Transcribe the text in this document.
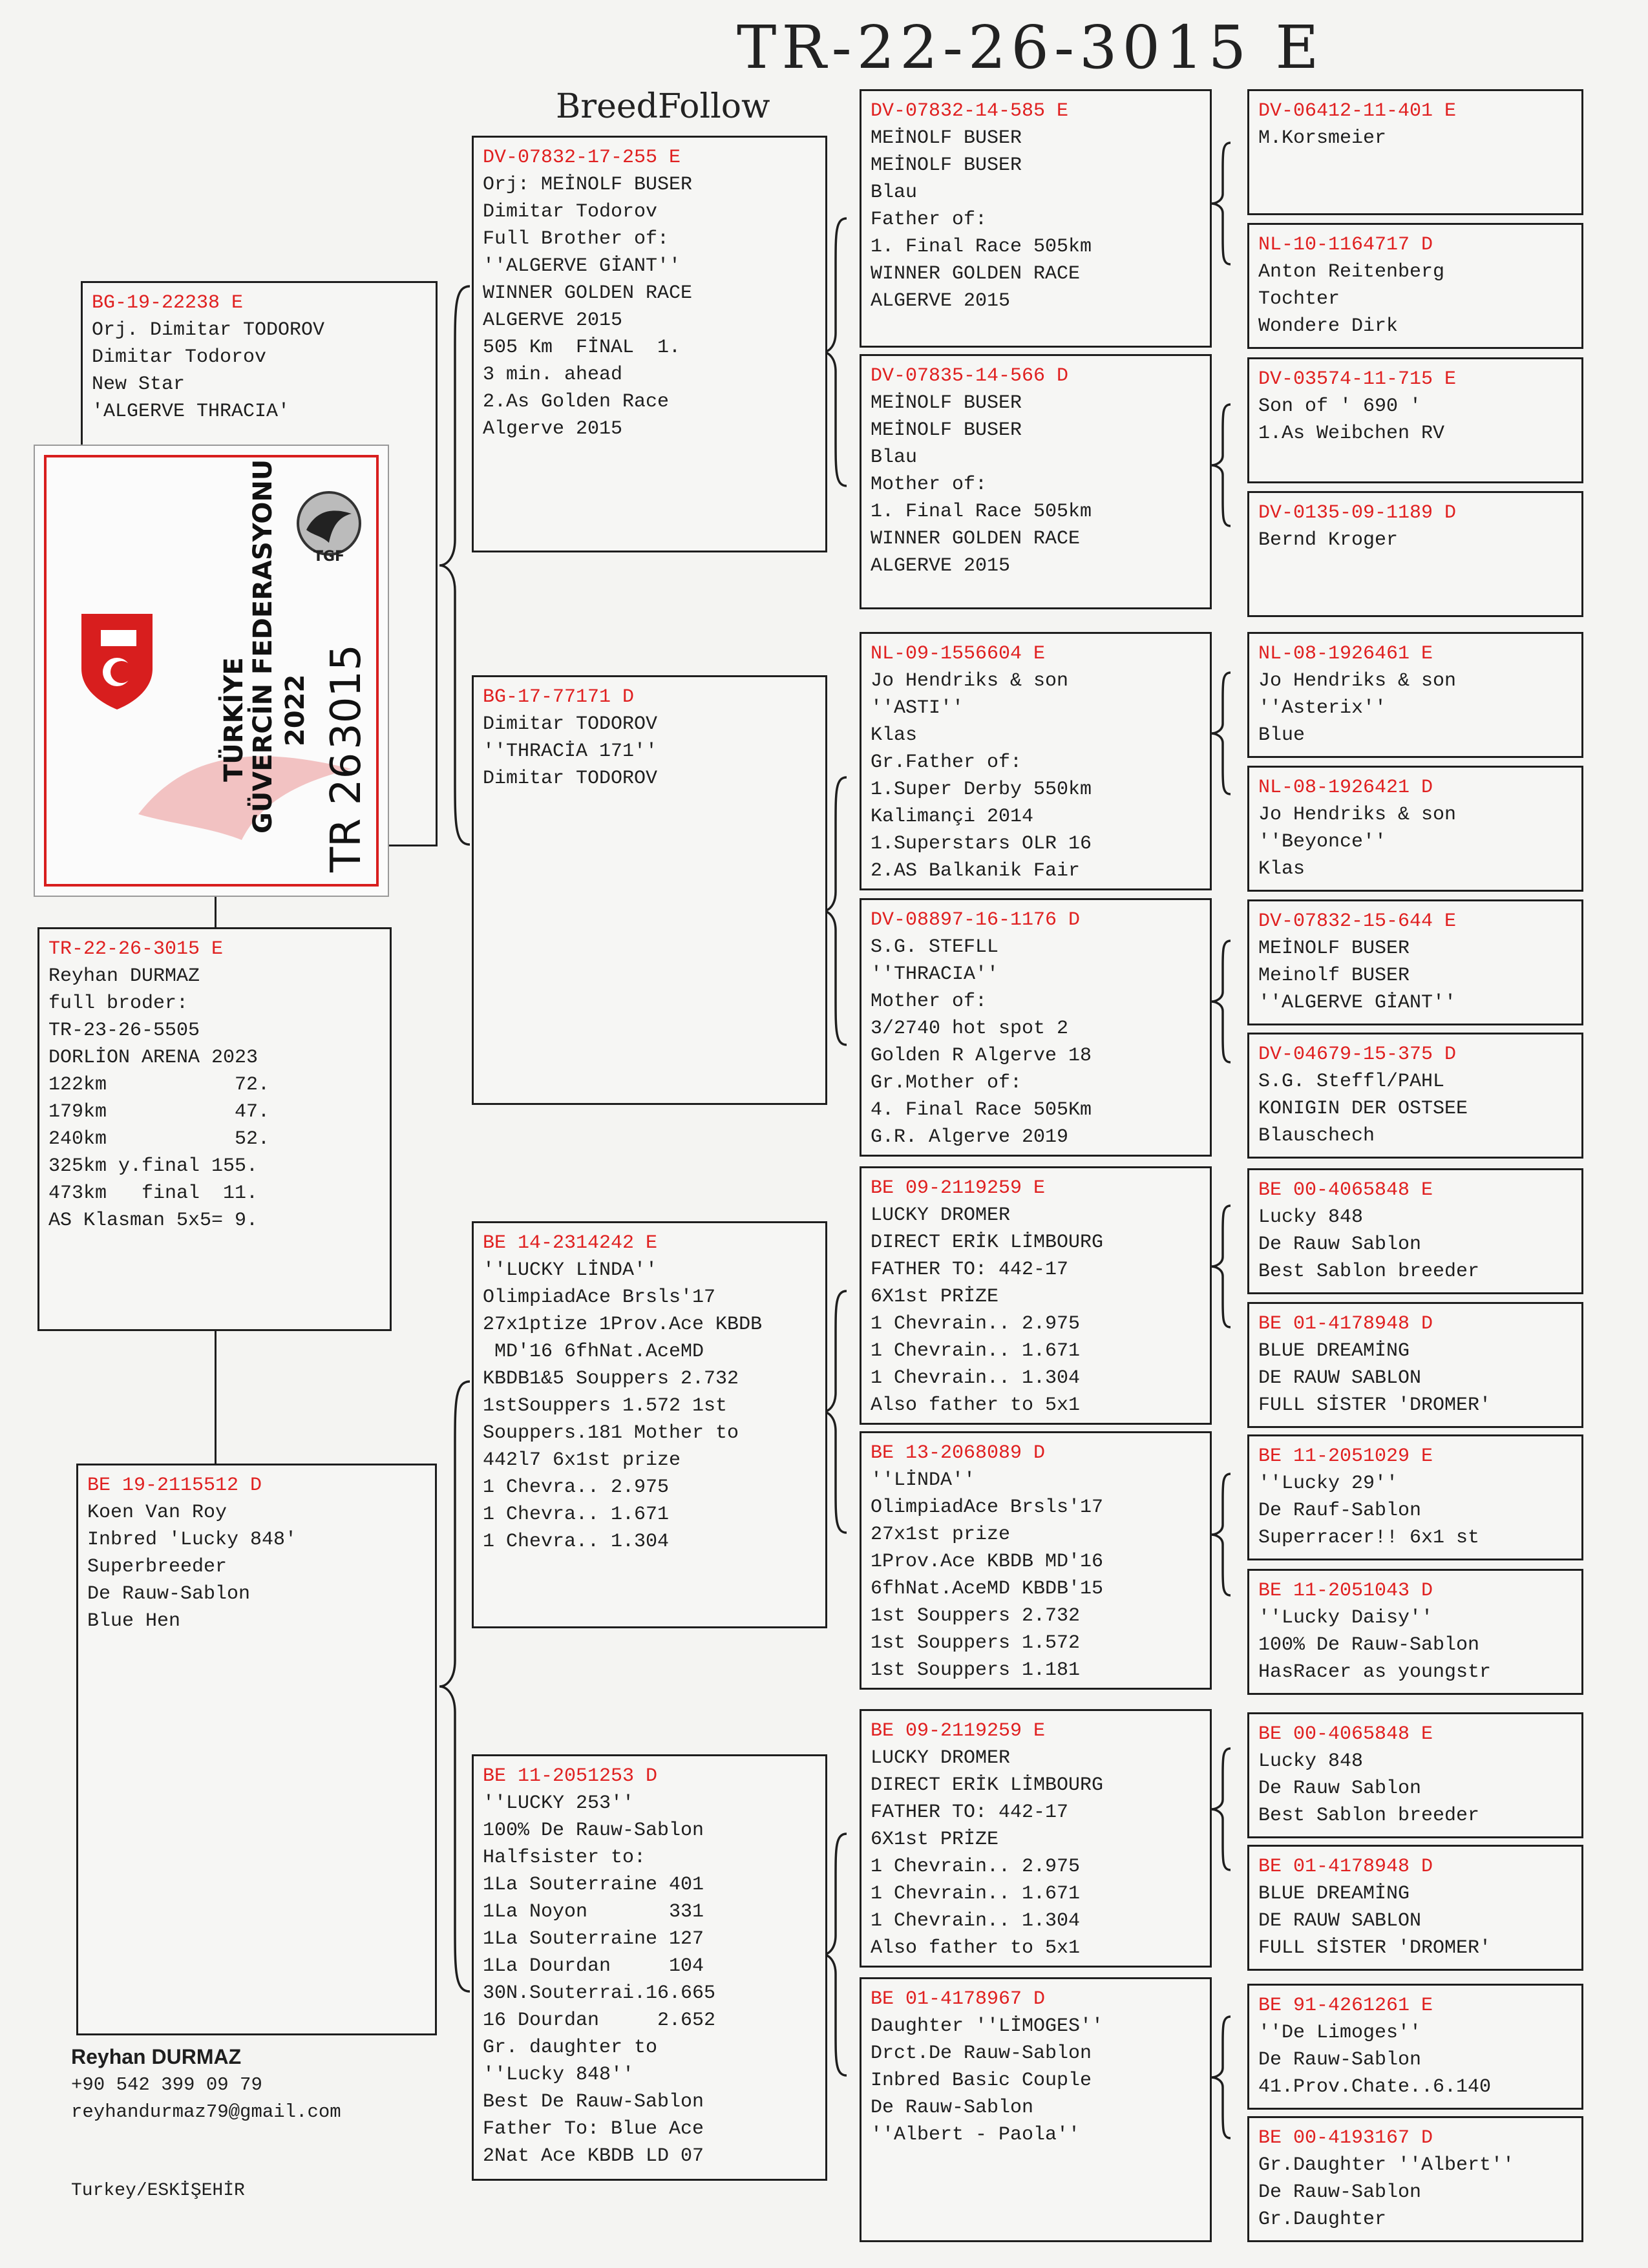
TR-22-26-3015 E
BreedFollow
TR-22-26-3015 E
Reyhan DURMAZ
full broder:
TR-23-26-5505
DORLİON ARENA 2023
122km           72.
179km           47.
240km           52.
325km y.final 155.
473km   final  11.
AS Klasman 5x5= 9.
BG-19-22238 E
Orj. Dimitar TODOROV
Dimitar Todorov
New Star
'ALGERVE THRACIA'
BE 19-2115512 D
Koen Van Roy
Inbred 'Lucky 848'
Superbreeder
De Rauw-Sablon
Blue Hen
DV-07832-17-255 E
Orj: MEİNOLF BUSER
Dimitar Todorov
Full Brother of:
''ALGERVE GİANT''
WINNER GOLDEN RACE
ALGERVE 2015
505 Km  FİNAL  1.
3 min. ahead
2.As Golden Race
Algerve 2015
BG-17-77171 D
Dimitar TODOROV
''THRACİA 171''
Dimitar TODOROV
BE 14-2314242 E
''LUCKY LİNDA''
OlimpiadAce Brsls'17
27x1ptize 1Prov.Ace KBDB
MD'16 6fhNat.AceMD
KBDB1&5 Souppers 2.732
1stSouppers 1.572 1st
Souppers.181 Mother to
442l7 6x1st prize
1 Chevra.. 2.975
1 Chevra.. 1.671
1 Chevra.. 1.304
BE 11-2051253 D
''LUCKY 253''
100% De Rauw-Sablon
Halfsister to:
1La Souterraine 401
1La Noyon       331
1La Souterraine 127
1La Dourdan     104
30N.Souterrai.16.665
16 Dourdan     2.652
Gr. daughter to
''Lucky 848''
Best De Rauw-Sablon
Father To: Blue Ace
2Nat Ace KBDB LD 07
DV-07832-14-585 E
MEİNOLF BUSER
MEİNOLF BUSER
Blau
Father of:
1. Final Race 505km
WINNER GOLDEN RACE
ALGERVE 2015
DV-07835-14-566 D
MEİNOLF BUSER
MEİNOLF BUSER
Blau
Mother of:
1. Final Race 505km
WINNER GOLDEN RACE
ALGERVE 2015
NL-09-1556604 E
Jo Hendriks & son
''ASTI''
Klas
Gr.Father of:
1.Super Derby 550km
Kalimançi 2014
1.Superstars OLR 16
2.AS Balkanik Fair
DV-08897-16-1176 D
S.G. STEFLL
''THRACIA''
Mother of:
3/2740 hot spot 2
Golden R Algerve 18
Gr.Mother of:
4. Final Race 505Km
G.R. Algerve 2019
BE 09-2119259 E
LUCKY DROMER
DIRECT ERİK LİMBOURG
FATHER TO: 442-17
6X1st PRİZE
1 Chevrain.. 2.975
1 Chevrain.. 1.671
1 Chevrain.. 1.304
Also father to 5x1
BE 13-2068089 D
''LİNDA''
OlimpiadAce Brsls'17
27x1st prize
1Prov.Ace KBDB MD'16
6fhNat.AceMD KBDB'15
1st Souppers 2.732
1st Souppers 1.572
1st Souppers 1.181
BE 09-2119259 E
LUCKY DROMER
DIRECT ERİK LİMBOURG
FATHER TO: 442-17
6X1st PRİZE
1 Chevrain.. 2.975
1 Chevrain.. 1.671
1 Chevrain.. 1.304
Also father to 5x1
BE 01-4178967 D
Daughter ''LİMOGES''
Drct.De Rauw-Sablon
Inbred Basic Couple
De Rauw-Sablon
''Albert - Paola''
DV-06412-11-401 E
M.Korsmeier
NL-10-1164717 D
Anton Reitenberg
Tochter
Wondere Dirk
DV-03574-11-715 E
Son of ' 690 '
1.As Weibchen RV
DV-0135-09-1189 D
Bernd Kroger
NL-08-1926461 E
Jo Hendriks & son
''Asterix''
Blue
NL-08-1926421 D
Jo Hendriks & son
''Beyonce''
Klas
DV-07832-15-644 E
MEİNOLF BUSER
Meinolf BUSER
''ALGERVE GİANT''
DV-04679-15-375 D
S.G. Steffl/PAHL
KONIGIN DER OSTSEE
Blauschech
BE 00-4065848 E
Lucky 848
De Rauw Sablon
Best Sablon breeder
BE 01-4178948 D
BLUE DREAMİNG
DE RAUW SABLON
FULL SİSTER 'DROMER'
BE 11-2051029 E
''Lucky 29''
De Rauf-Sablon
Superracer!! 6x1 st
BE 11-2051043 D
''Lucky Daisy''
100% De Rauw-Sablon
HasRacer as youngstr
BE 00-4065848 E
Lucky 848
De Rauw Sablon
Best Sablon breeder
BE 01-4178948 D
BLUE DREAMİNG
DE RAUW SABLON
FULL SİSTER 'DROMER'
BE 91-4261261 E
''De Limoges''
De Rauw-Sablon
41.Prov.Chate..6.140
BE 00-4193167 D
Gr.Daughter ''Albert''
De Rauw-Sablon
Gr.Daughter
TGF
TÜRKİYE GÜVERCİN FEDERASYONU 2022
TR 26
3015
Reyhan DURMAZ
+90 542 399 09 79
reyhandurmaz79@gmail.com
Turkey/ESKİŞEHİR
